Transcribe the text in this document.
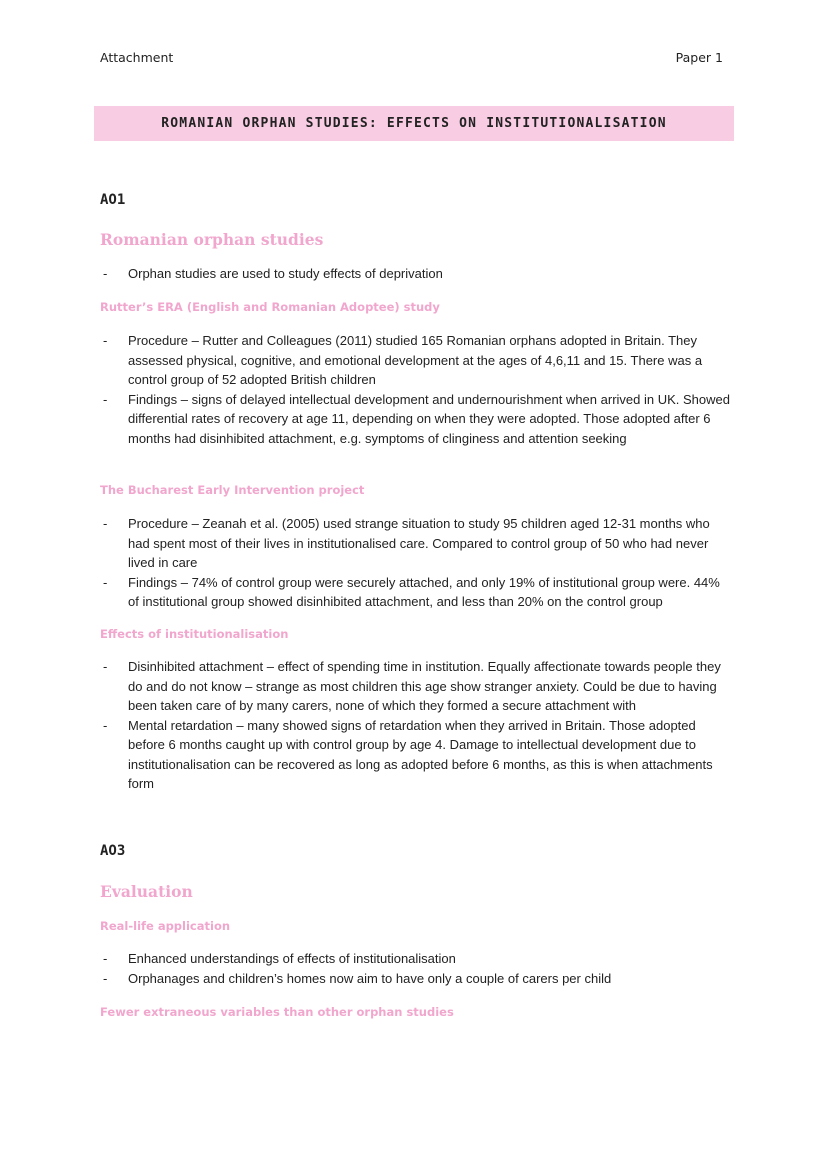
Attachment	Paper 1
ROMANIAN ORPHAN STUDIES: EFFECTS ON INSTITUTIONALISATION

AO1

Romanian orphan studies

- Orphan studies are used to study effects of deprivation

Rutter’s ERA (English and Romanian Adoptee) study

- Procedure – Rutter and Colleagues (2011) studied 165 Romanian orphans adopted in Britain. They assessed physical, cognitive, and emotional development at the ages of 4,6,11 and 15. There was a control group of 52 adopted British children
- Findings – signs of delayed intellectual development and undernourishment when arrived in UK. Showed differential rates of recovery at age 11, depending on when they were adopted. Those adopted after 6 months had disinhibited attachment, e.g. symptoms of clinginess and attention seeking

The Bucharest Early Intervention project

- Procedure – Zeanah et al. (2005) used strange situation to study 95 children aged 12-31 months who had spent most of their lives in institutionalised care. Compared to control group of 50 who had never lived in care
- Findings – 74% of control group were securely attached, and only 19% of institutional group were. 44% of institutional group showed disinhibited attachment, and less than 20% on the control group

Effects of institutionalisation

- Disinhibited attachment – effect of spending time in institution. Equally affectionate towards people they do and do not know – strange as most children this age show stranger anxiety. Could be due to having been taken care of by many carers, none of which they formed a secure attachment with
- Mental retardation – many showed signs of retardation when they arrived in Britain. Those adopted before 6 months caught up with control group by age 4. Damage to intellectual development due to institutionalisation can be recovered as long as adopted before 6 months, as this is when attachments form

AO3

Evaluation

Real-life application

- Enhanced understandings of effects of institutionalisation
- Orphanages and children’s homes now aim to have only a couple of carers per child

Fewer extraneous variables than other orphan studies
